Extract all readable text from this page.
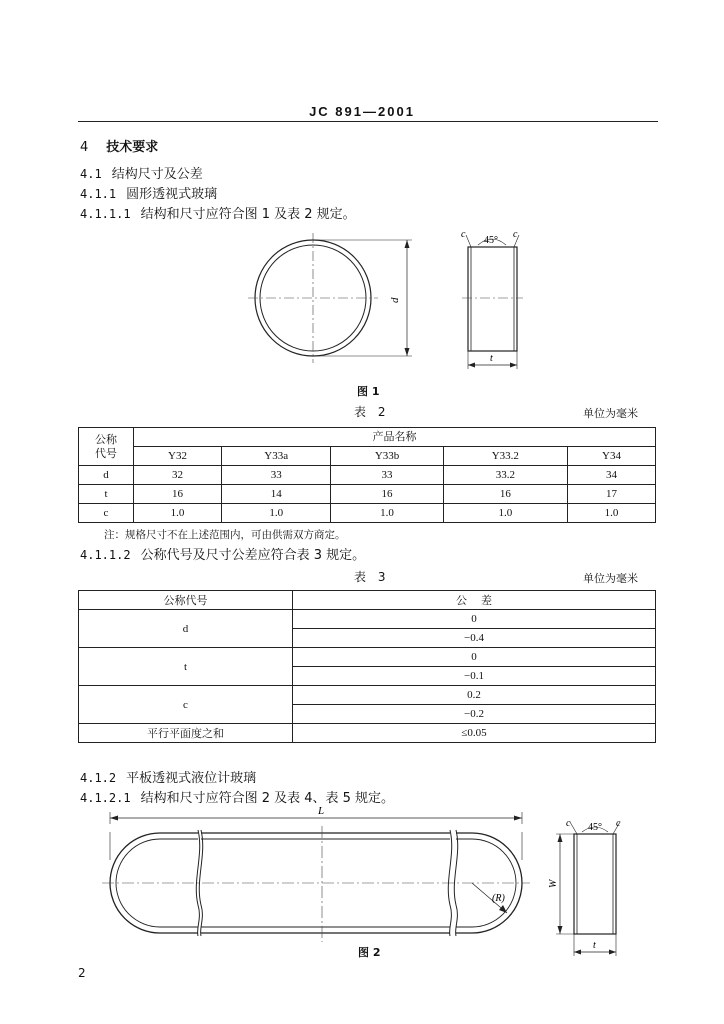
JC 891—2001
4 技术要求
4.1 结构尺寸及公差
4.1.1 圆形透视式玻璃
4.1.1.1 结构和尺寸应符合图 1 及表 2 规定。
d
c	c
45°
t
图 1
表 2	单位为毫米
公称
代号	产品名称				
	Y32	Y33a	Y33b	Y33.2	Y34
d	32	33	33	33.2	34
t	16	14	16	16	17
c	1.0	1.0	1.0	1.0	1.0
注：规格尺寸不在上述范围内，可由供需双方商定。
4.1.1.2 公称代号及尺寸公差应符合表 3 规定。
表 3	单位为毫米
公称代号	公    差
d	0
	−0.4
t	0
	−0.1
c	0.2
	−0.2
平行平面度之和	≤0.05
4.1.2 平板透视式液位计玻璃
4.1.2.1 结构和尺寸应符合图 2 及表 4、表 5 规定。
L
(R)
c	c
45°
W
t
图 2
2
